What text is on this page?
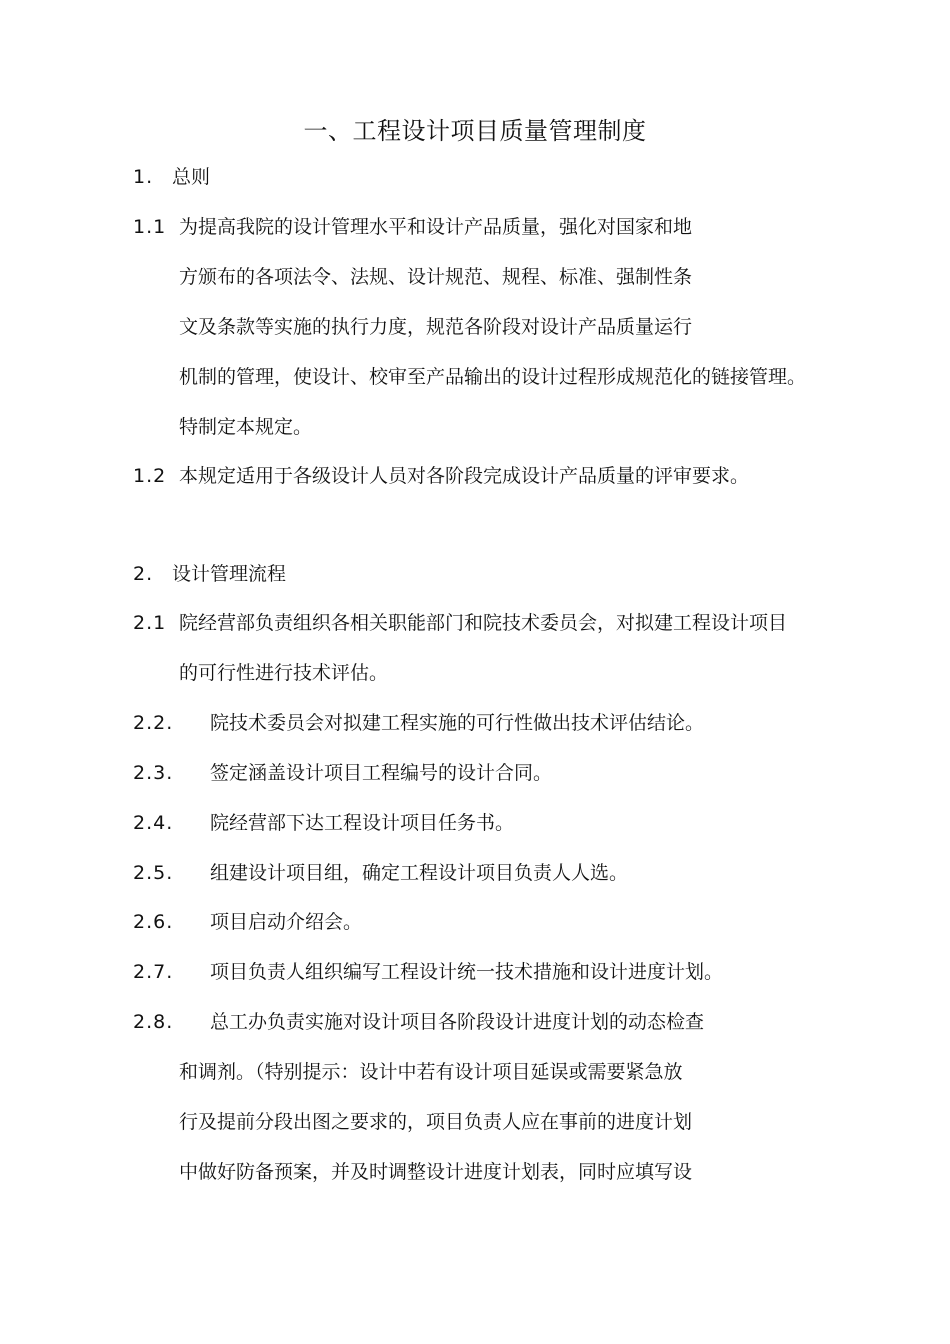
一、工程设计项目质量管理制度
1. 总则
1.1 为提高我院的设计管理水平和设计产品质量，强化对国家和地
方颁布的各项法令、法规、设计规范、规程、标准、强制性条
文及条款等实施的执行力度，规范各阶段对设计产品质量运行
机制的管理，使设计、校审至产品输出的设计过程形成规范化的链接管理。
特制定本规定。
1.2 本规定适用于各级设计人员对各阶段完成设计产品质量的评审要求。
2. 设计管理流程
2.1 院经营部负责组织各相关职能部门和院技术委员会，对拟建工程设计项目
的可行性进行技术评估。
2.2. 院技术委员会对拟建工程实施的可行性做出技术评估结论。
2.3. 签定涵盖设计项目工程编号的设计合同。
2.4. 院经营部下达工程设计项目任务书。
2.5. 组建设计项目组，确定工程设计项目负责人人选。
2.6. 项目启动介绍会。
2.7. 项目负责人组织编写工程设计统一技术措施和设计进度计划。
2.8. 总工办负责实施对设计项目各阶段设计进度计划的动态检查
和调剂。（特别提示：设计中若有设计项目延误或需要紧急放
行及提前分段出图之要求的，项目负责人应在事前的进度计划
中做好防备预案，并及时调整设计进度计划表，同时应填写设
